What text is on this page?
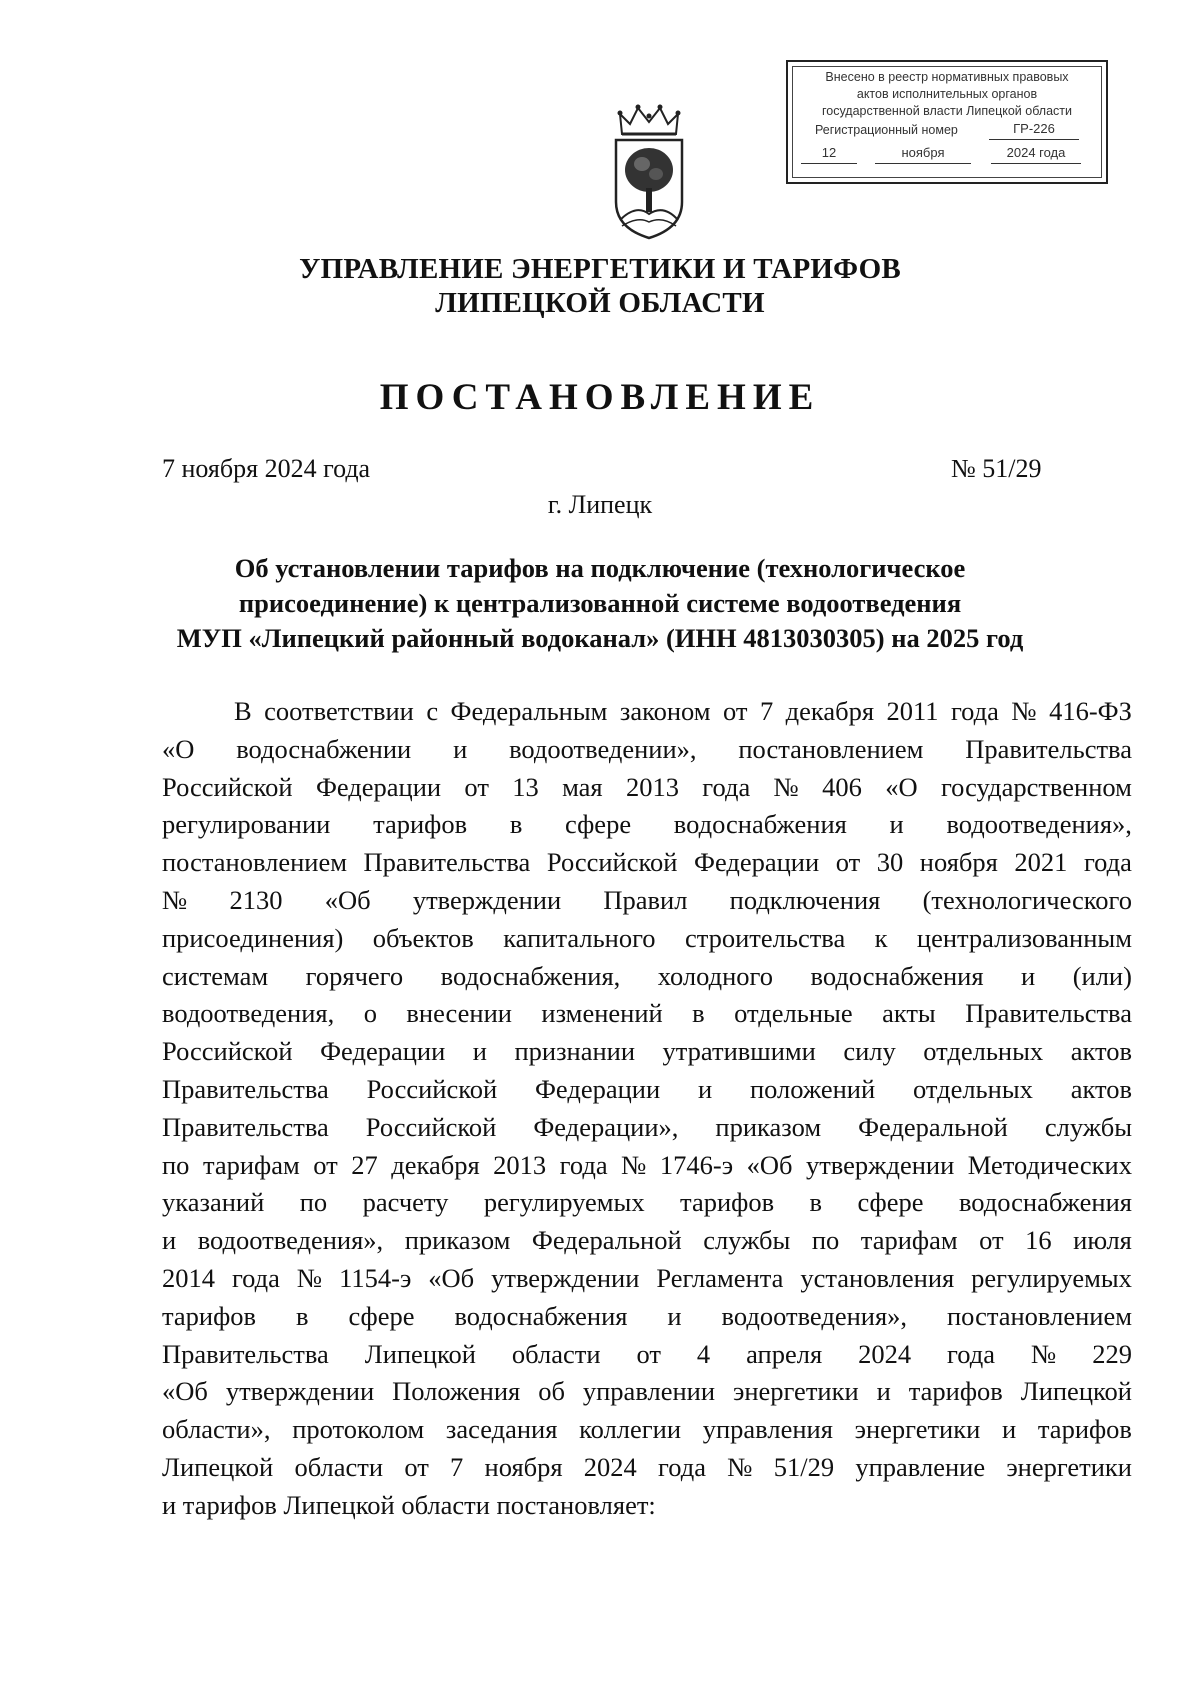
Внесено в реестр нормативных правовых
актов исполнительных органов
государственной власти Липецкой области
Регистрационный номер	ГР-226
12	ноября	2024 года
УПРАВЛЕНИЕ ЭНЕРГЕТИКИ И ТАРИФОВ
ЛИПЕЦКОЙ ОБЛАСТИ
ПОСТАНОВЛЕНИЕ
7 ноября 2024 года	№ 51/29
г. Липецк
Об установлении тарифов на подключение (технологическое
присоединение) к централизованной системе водоотведения
МУП «Липецкий районный водоканал» (ИНН 4813030305) на 2025 год
В соответствии с Федеральным законом от 7 декабря 2011 года № 416-ФЗ
«О водоснабжении и водоотведении», постановлением Правительства
Российской Федерации от 13 мая 2013 года № 406 «О государственном
регулировании тарифов в сфере водоснабжения и водоотведения»,
постановлением Правительства Российской Федерации от 30 ноября 2021 года
№ 2130 «Об утверждении Правил подключения (технологического
присоединения) объектов капитального строительства к централизованным
системам горячего водоснабжения, холодного водоснабжения и (или)
водоотведения, о внесении изменений в отдельные акты Правительства
Российской Федерации и признании утратившими силу отдельных актов
Правительства Российской Федерации и положений отдельных актов
Правительства Российской Федерации», приказом Федеральной службы
по тарифам от 27 декабря 2013 года № 1746-э «Об утверждении Методических
указаний по расчету регулируемых тарифов в сфере водоснабжения
и водоотведения», приказом Федеральной службы по тарифам от 16 июля
2014 года № 1154-э «Об утверждении Регламента установления регулируемых
тарифов в сфере водоснабжения и водоотведения», постановлением
Правительства Липецкой области от 4 апреля 2024 года № 229
«Об утверждении Положения об управлении энергетики и тарифов Липецкой
области», протоколом заседания коллегии управления энергетики и тарифов
Липецкой области от 7 ноября 2024 года № 51/29 управление энергетики
и тарифов Липецкой области постановляет:
